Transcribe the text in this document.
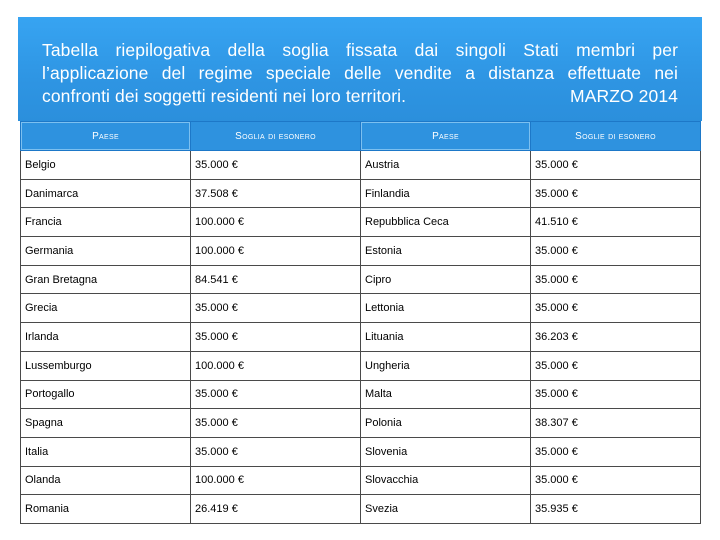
Tabella riepilogativa della soglia fissata dai singoli Stati membri per
l’applicazione del regime speciale delle vendite a distanza effettuate nei
confronti dei soggetti residenti nei loro territori.	MARZO 2014
Paese	Soglia di esonero	Paese	Soglie di esonero
Belgio	35.000 €	Austria	35.000 €
Danimarca	37.508 €	Finlandia	35.000 €
Francia	100.000 €	Repubblica Ceca	41.510 €
Germania	100.000 €	Estonia	35.000 €
Gran Bretagna	84.541 €	Cipro	35.000 €
Grecia	35.000 €	Lettonia	35.000 €
Irlanda	35.000 €	Lituania	36.203 €
Lussemburgo	100.000 €	Ungheria	35.000 €
Portogallo	35.000 €	Malta	35.000 €
Spagna	35.000 €	Polonia	38.307 €
Italia	35.000 €	Slovenia	35.000 €
Olanda	100.000 €	Slovacchia	35.000 €
Romania	26.419 €	Svezia	35.935 €
